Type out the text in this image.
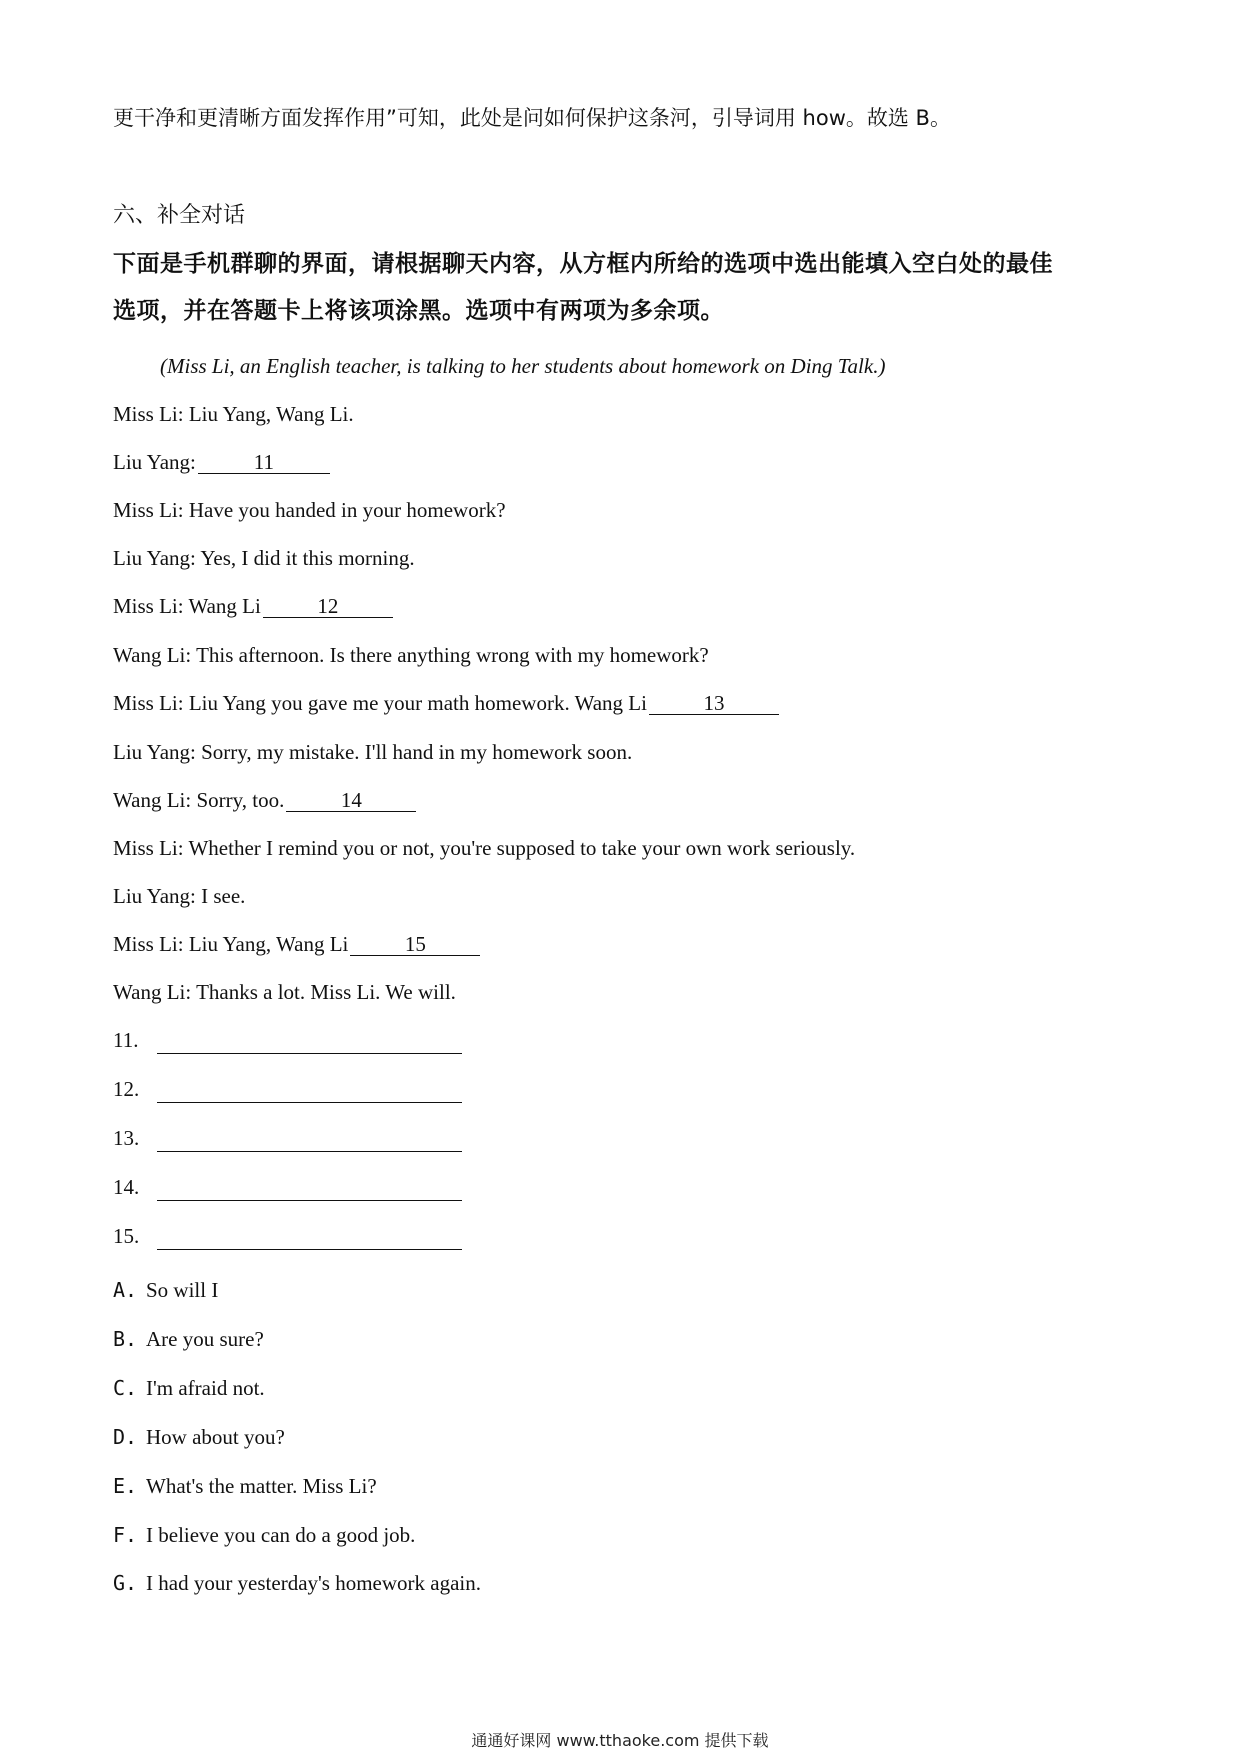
更干净和更清晰方面发挥作用”可知，此处是问如何保护这条河，引导词用 how。故选 B。
六、补全对话
下面是手机群聊的界面，请根据聊天内容，从方框内所给的选项中选出能填入空白处的最佳
选项，并在答题卡上将该项涂黑。选项中有两项为多余项。
(Miss Li, an English teacher, is talking to her students about homework on Ding Talk.)
Miss Li: Liu Yang, Wang Li.
Liu Yang:	11
Miss Li: Have you handed in your homework?
Liu Yang: Yes, I did it this morning.
Miss Li: Wang Li	12
Wang Li: This afternoon. Is there anything wrong with my homework?
Miss Li: Liu Yang you gave me your math homework. Wang Li	13
Liu Yang: Sorry, my mistake. I'll hand in my homework soon.
Wang Li: Sorry, too.	14
Miss Li: Whether I remind you or not, you're supposed to take your own work seriously.
Liu Yang: I see.
Miss Li: Liu Yang, Wang Li	15
Wang Li: Thanks a lot. Miss Li. We will.
11.
12.
13.
14.
15.
A. So will I
B. Are you sure?
C. I'm afraid not.
D. How about you?
E. What's the matter. Miss Li?
F. I believe you can do a good job.
G. I had your yesterday's homework again.
通通好课网 www.tthaoke.com 提供下载
